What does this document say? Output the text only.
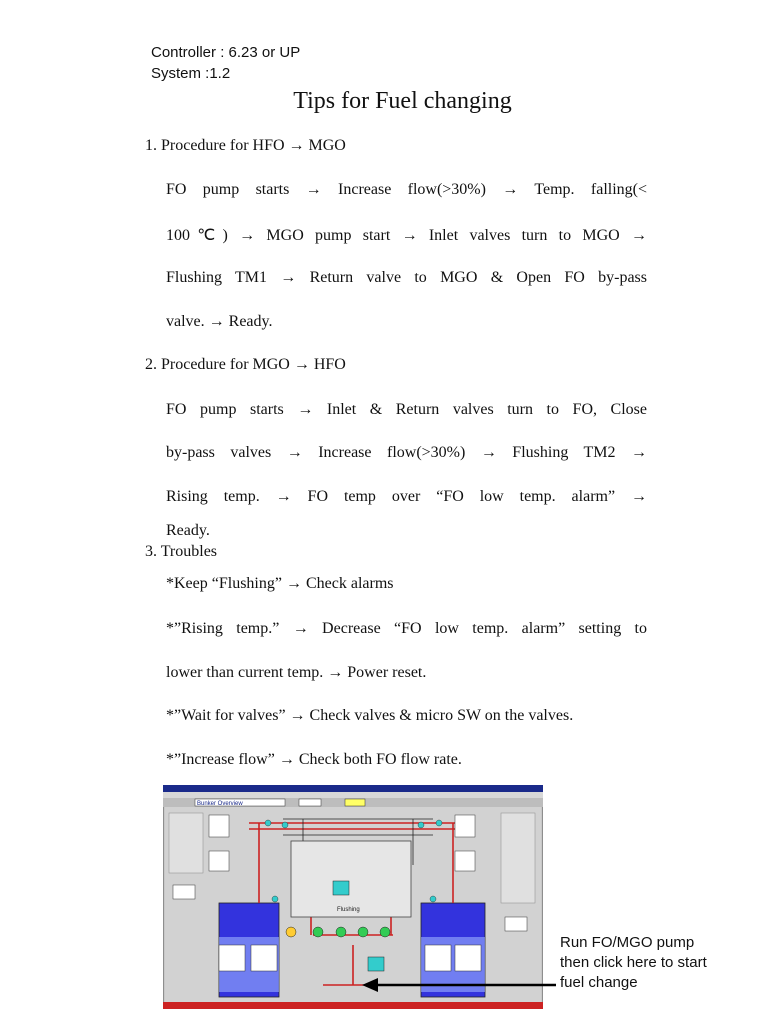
Controller : 6.23 or UP
System :1.2
Tips for Fuel changing
1. Procedure for HFO → MGO
FO pump starts → Increase flow(>30%) → Temp. falling(<
100℃) → MGO pump start → Inlet valves turn to MGO →
Flushing TM1 → Return valve to MGO & Open FO by-pass
valve. → Ready.
2. Procedure for MGO → HFO
FO pump starts → Inlet & Return valves turn to FO, Close
by-pass valves → Increase flow(>30%) → Flushing TM2 →
Rising temp. → FO temp over “FO low temp. alarm” →
Ready.
3. Troubles
*Keep “Flushing” → Check alarms
*”Rising temp.” → Decrease “FO low temp. alarm” setting to
lower than current temp. → Power reset.
*”Wait for valves” → Check valves & micro SW on the valves.
*”Increase flow” → Check both FO flow rate.
Bunker Overview
Flushing
Run FO/MGO pump
then click here to start
fuel change
